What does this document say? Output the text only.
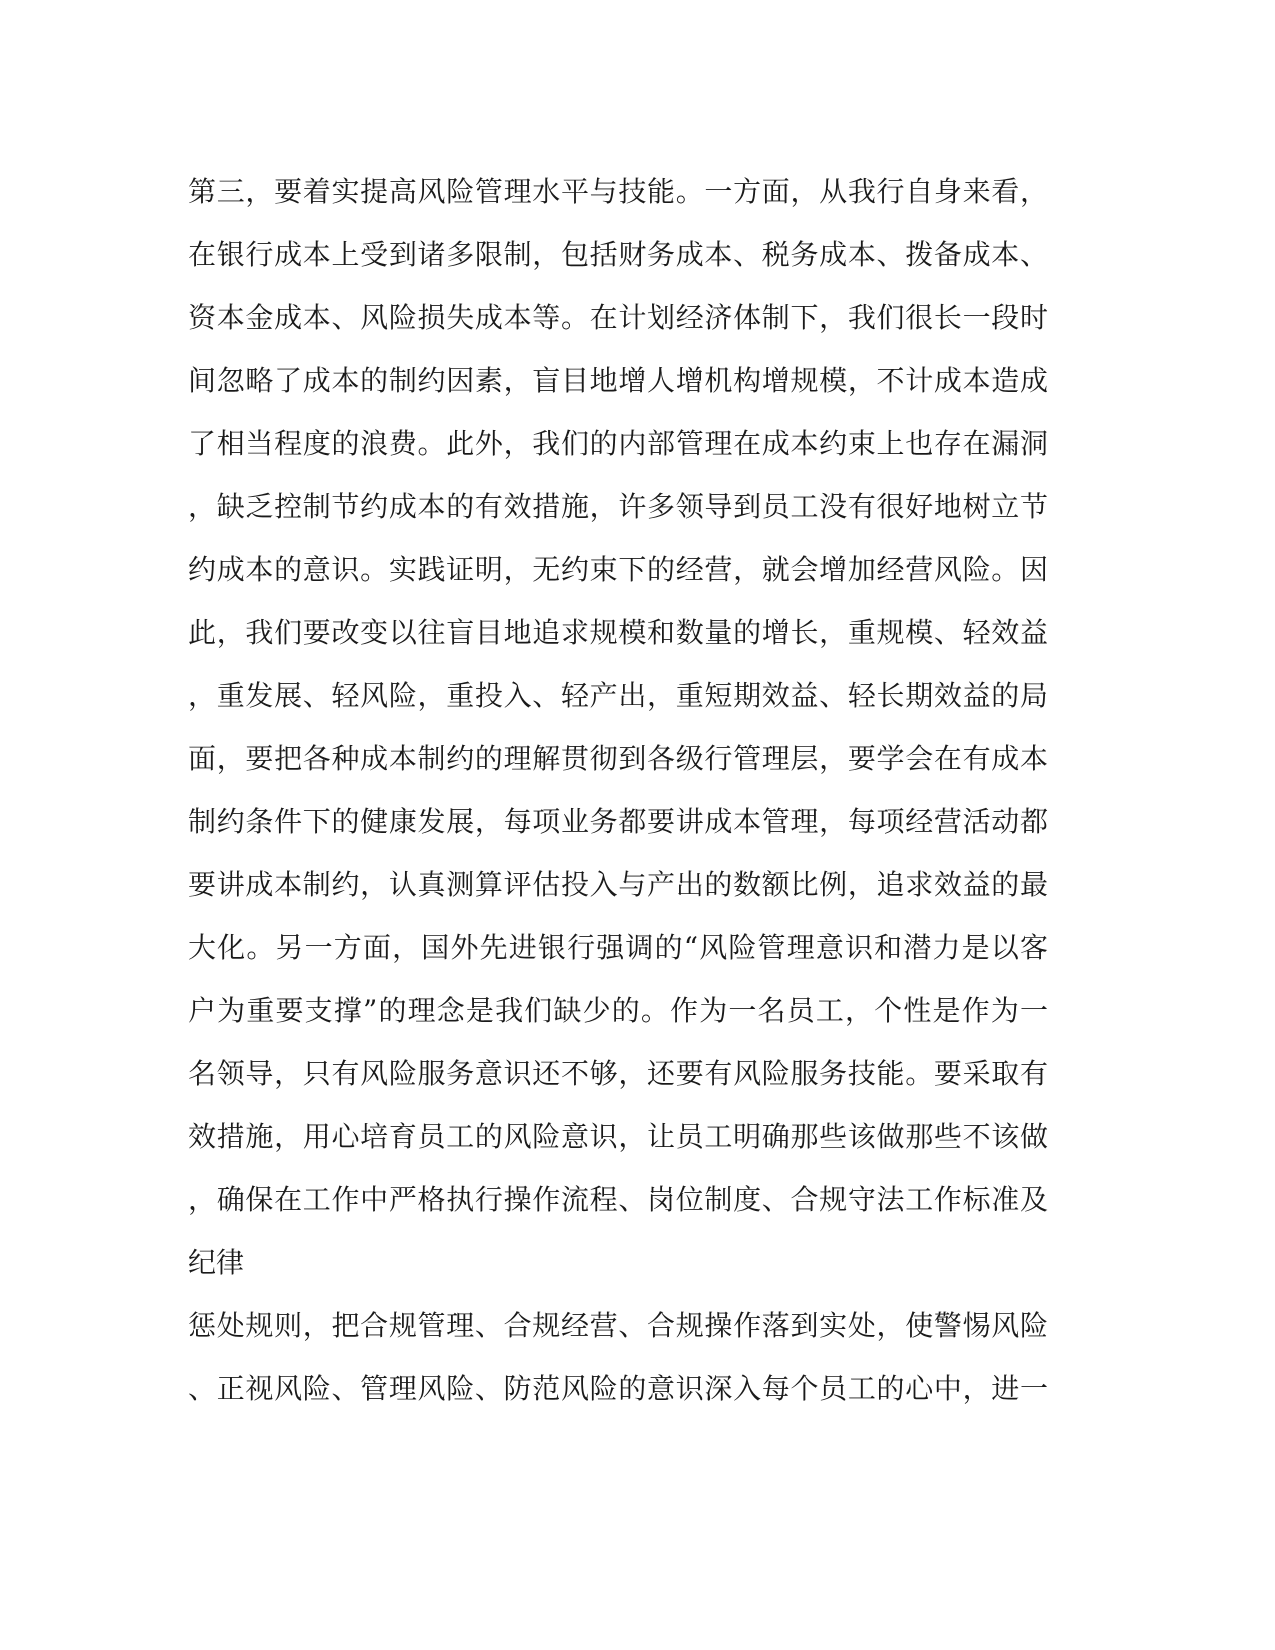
第三，要着实提高风险管理水平与技能。一方面，从我行自身来看，
在银行成本上受到诸多限制，包括财务成本、税务成本、拨备成本、
资本金成本、风险损失成本等。在计划经济体制下，我们很长一段时
间忽略了成本的制约因素，盲目地增人增机构增规模，不计成本造成
了相当程度的浪费。此外，我们的内部管理在成本约束上也存在漏洞
，缺乏控制节约成本的有效措施，许多领导到员工没有很好地树立节
约成本的意识。实践证明，无约束下的经营，就会增加经营风险。因
此，我们要改变以往盲目地追求规模和数量的增长，重规模、轻效益
，重发展、轻风险，重投入、轻产出，重短期效益、轻长期效益的局
面，要把各种成本制约的理解贯彻到各级行管理层，要学会在有成本
制约条件下的健康发展，每项业务都要讲成本管理，每项经营活动都
要讲成本制约，认真测算评估投入与产出的数额比例，追求效益的最
大化。另一方面，国外先进银行强调的“风险管理意识和潜力是以客
户为重要支撑”的理念是我们缺少的。作为一名员工，个性是作为一
名领导，只有风险服务意识还不够，还要有风险服务技能。要采取有
效措施，用心培育员工的风险意识，让员工明确那些该做那些不该做
，确保在工作中严格执行操作流程、岗位制度、合规守法工作标准及
纪律
惩处规则，把合规管理、合规经营、合规操作落到实处，使警惕风险
、正视风险、管理风险、防范风险的意识深入每个员工的心中，进一
